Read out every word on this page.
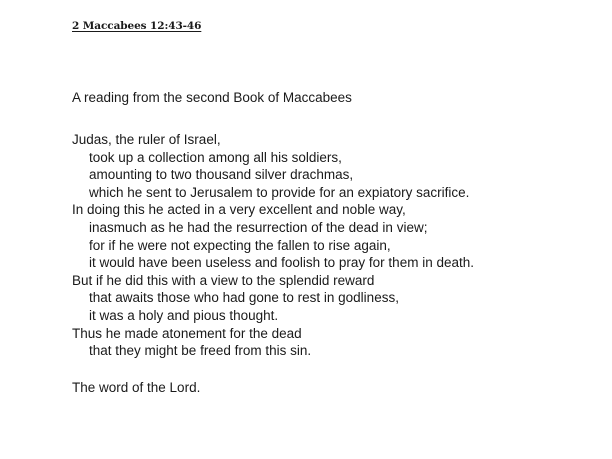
2 Maccabees 12:43-46
A reading from the second Book of Maccabees
Judas, the ruler of Israel,
took up a collection among all his soldiers,
amounting to two thousand silver drachmas,
which he sent to Jerusalem to provide for an expiatory sacrifice.
In doing this he acted in a very excellent and noble way,
inasmuch as he had the resurrection of the dead in view;
for if he were not expecting the fallen to rise again,
it would have been useless and foolish to pray for them in death.
But if he did this with a view to the splendid reward
that awaits those who had gone to rest in godliness,
it was a holy and pious thought.
Thus he made atonement for the dead
that they might be freed from this sin.
The word of the Lord.
